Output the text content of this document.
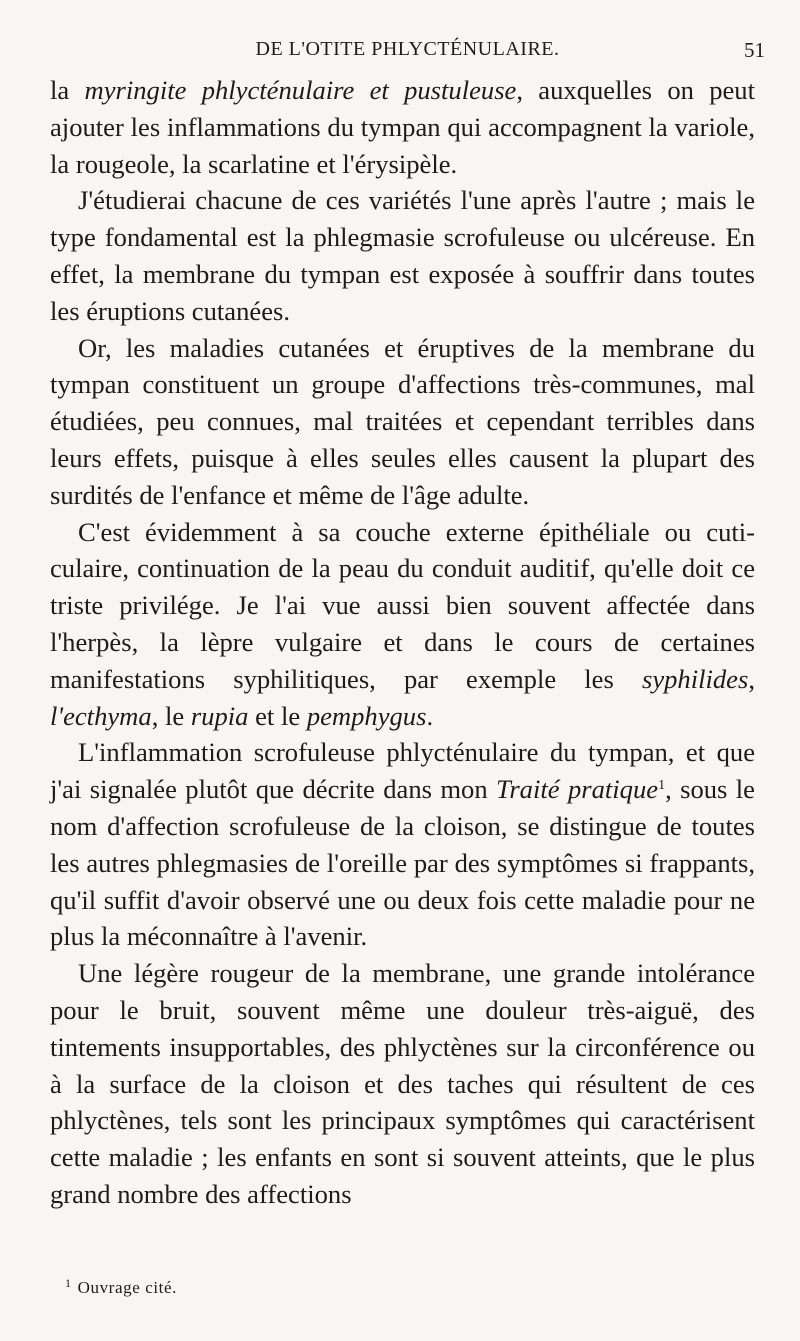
DE L'OTITE PHLYCTÉNULAIRE.	51

la myringite phlycténulaire et pustuleuse, auxquelles on peut ajouter les inflammations du tympan qui accompagnent la variole, la rougeole, la scarlatine et l'érysipèle.

J'étudierai chacune de ces variétés l'une après l'autre ; mais le type fondamental est la phlegmasie scrofuleuse ou ulcéreuse. En effet, la membrane du tympan est exposée à souffrir dans toutes les éruptions cutanées.

Or, les maladies cutanées et éruptives de la membrane du tympan constituent un groupe d'affections très-communes, mal étudiées, peu connues, mal traitées et cependant terribles dans leurs effets, puisque à elles seules elles causent la plupart des surdités de l'enfance et même de l'âge adulte.

C'est évidemment à sa couche externe épithéliale ou cuticulaire, continuation de la peau du conduit auditif, qu'elle doit ce triste privilége. Je l'ai vue aussi bien souvent affectée dans l'herpès, la lèpre vulgaire et dans le cours de certaines manifestations syphilitiques, par exemple les syphilides, l'ecthyma, le rupia et le pemphygus.

L'inflammation scrofuleuse phlycténulaire du tympan, et que j'ai signalée plutôt que décrite dans mon Traité pratique$^1$, sous le nom d'affection scrofuleuse de la cloison, se distingue de toutes les autres phlegmasies de l'oreille par des symptômes si frappants, qu'il suffit d'avoir observé une ou deux fois cette maladie pour ne plus la méconnaître à l'avenir.

Une légère rougeur de la membrane, une grande intolérance pour le bruit, souvent même une douleur très-aiguë, des tintements insupportables, des phlyctènes sur la circonférence ou à la surface de la cloison et des taches qui résultent de ces phlyctènes, tels sont les principaux symptômes qui caractérisent cette maladie ; les enfants en sont si souvent atteints, que le plus grand nombre des affections

$^1$ Ouvrage cité.
